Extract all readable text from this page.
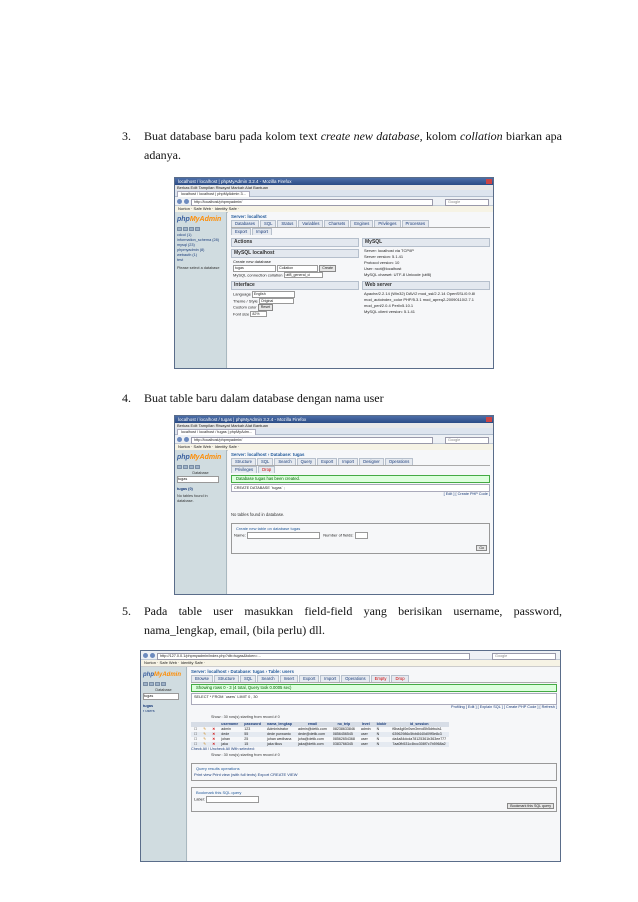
3. Buat database baru pada kolom text create new database, kolom collation biarkan apa adanya.
localhost / localhost | phpMyAdmin 3.2.4 - Mozilla Firefox
Berkas Edit Tampilan Riwayat Markah Alat Bantuan
localhost / localhost | phpMyAdmin 3...
http://localhost/phpmyadmin/	Google
Norton · Safe Web · Identity Safe ·
phpMyAdmin
cdcol (1)
information_schema (28)
mysql (23)
phpmyadmin (8)
webauth (1)
test
Please select a database
Server: localhost
Databases SQL Status Variables Charsets Engines Privileges Processes
Export Import
Actions
MySQL localhost
Create new database
tugas	Collation	Create
MySQL connection collation utf8_general_ci
Interface
Language English
Theme / Style Original
Custom color Reset
Font size 82%
MySQL
Server: localhost via TCP/IP
Server version: 5.1.41
Protocol version: 10
User: root@localhost
MySQL charset: UTF-8 Unicode (utf8)
Web server
Apache/2.2.14 (Win32) DAV/2 mod_ssl/2.2.14 OpenSSL/0.9.8l mod_autoindex_color PHP/5.3.1 mod_apreq2-20090110/2.7.1 mod_perl/2.0.4 Perl/v5.10.1
MySQL client version: 5.1.41
4. Buat table baru dalam database dengan nama user
localhost / localhost / tugas | phpMyAdmin 3.2.4 - Mozilla Firefox
Berkas Edit Tampilan Riwayat Markah Alat Bantuan
localhost / localhost / tugas | phpMyAdm...
http://localhost/phpmyadmin/	Google
Norton · Safe Web · Identity Safe ·
phpMyAdmin
Database
tugas
tugas (0)
No tables found in database.
Server: localhost › Database: tugas
Structure SQL Search Query Export Import Designer Operations
Privileges Drop
Database tugas has been created.
CREATE DATABASE `tugas` ;
[ Edit ] [ Create PHP Code ]
No tables found in database.
Create new table on database tugas
Name:	Number of fields:
Go
5. Pada table user masukkan field-field yang berisikan username, password, nama_lengkap, email, (bila perlu) dll.
http://127.0.0.1/phpmyadmin/index.php?db=tugas&token=...	Google
Norton · Safe Web · Identity Safe ·
phpMyAdmin
Database
tugas
tugas
▪ users
Server: localhost › Database: tugas › Table: users
Browse Structure SQL Search Insert Export Import Operations Empty Drop
Showing rows 0 - 3 (4 total, Query took 0.0005 sec)
SELECT * FROM `users` LIMIT 0 , 30
Profiling [ Edit ] [ Explain SQL ] [ Create PHP Code ] [ Refresh ]
Show : 30 row(s) starting from record # 0
			username	password	nama_lengkap	email	no_telp	level	blokir	id_session
☐	✎	✕	admin	123	Administrator	admin@detik.com	08238633846	admin	N	f6ba4gl0n0sm3rnvd5h5drbuis1
☐	✎	✕	dede	55	dede purwanto	dede@detik.com	0856456545	user	N	63962986c5fcb8440d09f5e8c3
☐	✎	✕	johan	25	johan wedhana	joha@detik.com	08562654368	user	N	da4a84dcda78125361b363ee777
☐	✎	✕	jaka	15	jaka tikus	jaka@detik.com	0383766345	user	N	7aa0fb531c4bcc308f7c7b5968a2
Check All / Uncheck All With selected:
Show : 30 row(s) starting from record # 0
Query results operations
Print view Print view (with full texts) Export CREATE VIEW
Bookmark this SQL query
Label:
Bookmark this SQL query
